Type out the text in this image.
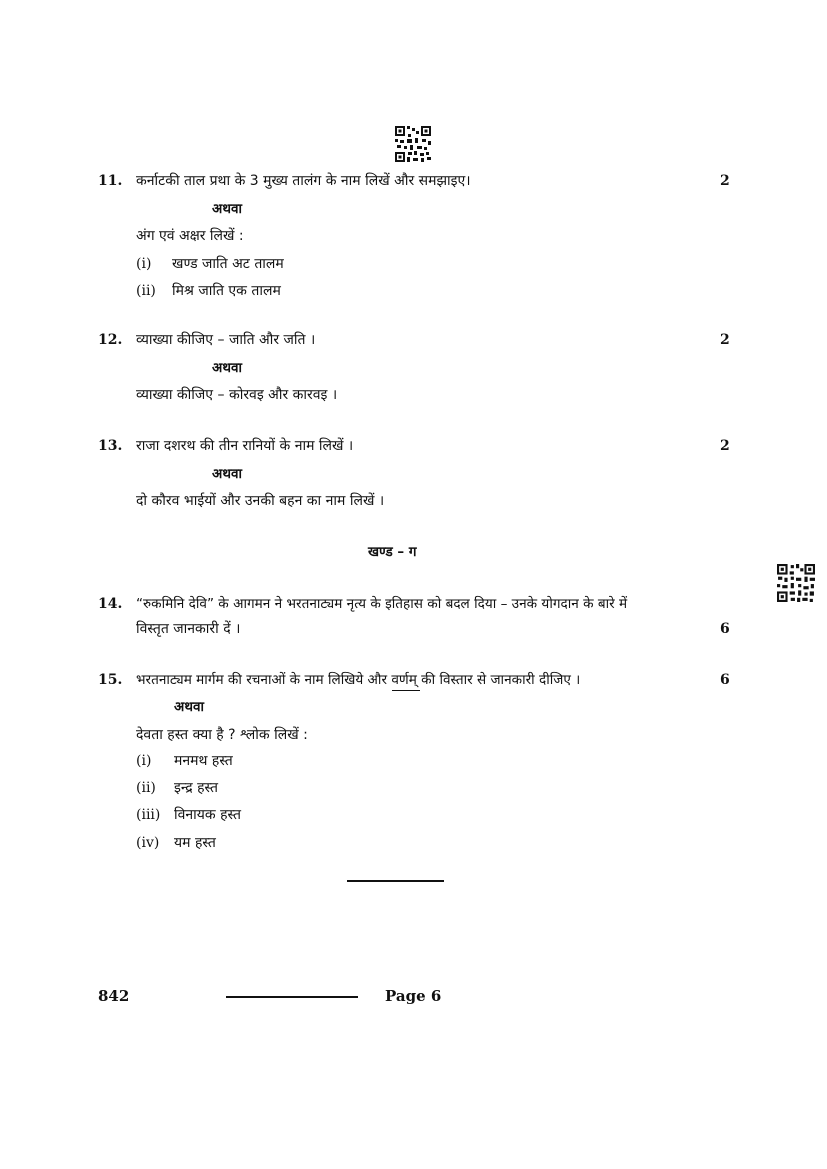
11. कर्नाटकी ताल प्रथा के 3 मुख्य तालंग के नाम लिखें और समझाइए।	2
अथवा
अंग एवं अक्षर लिखें :
(i) खण्ड जाति अट तालम
(ii) मिश्र जाति एक तालम
12. व्याख्या कीजिए – जाति और जति ।	2
अथवा
व्याख्या कीजिए – कोरवइ और कारवइ ।
13. राजा दशरथ की तीन रानियों के नाम लिखें ।	2
अथवा
दो कौरव भाईयों और उनकी बहन का नाम लिखें ।
खण्ड – ग
14. “रुकमिनि देवि” के आगमन ने भरतनाट्यम नृत्य के इतिहास को बदल दिया – उनके योगदान के बारे में
विस्तृत जानकारी दें ।	6
15. भरतनाट्यम मार्गम की रचनाओं के नाम लिखिये और वर्णम् की विस्तार से जानकारी दीजिए ।	6
अथवा
देवता हस्त क्या है ? श्लोक लिखें :
(i) मनमथ हस्त
(ii) इन्द्र हस्त
(iii) विनायक हस्त
(iv) यम हस्त
842	Page 6
